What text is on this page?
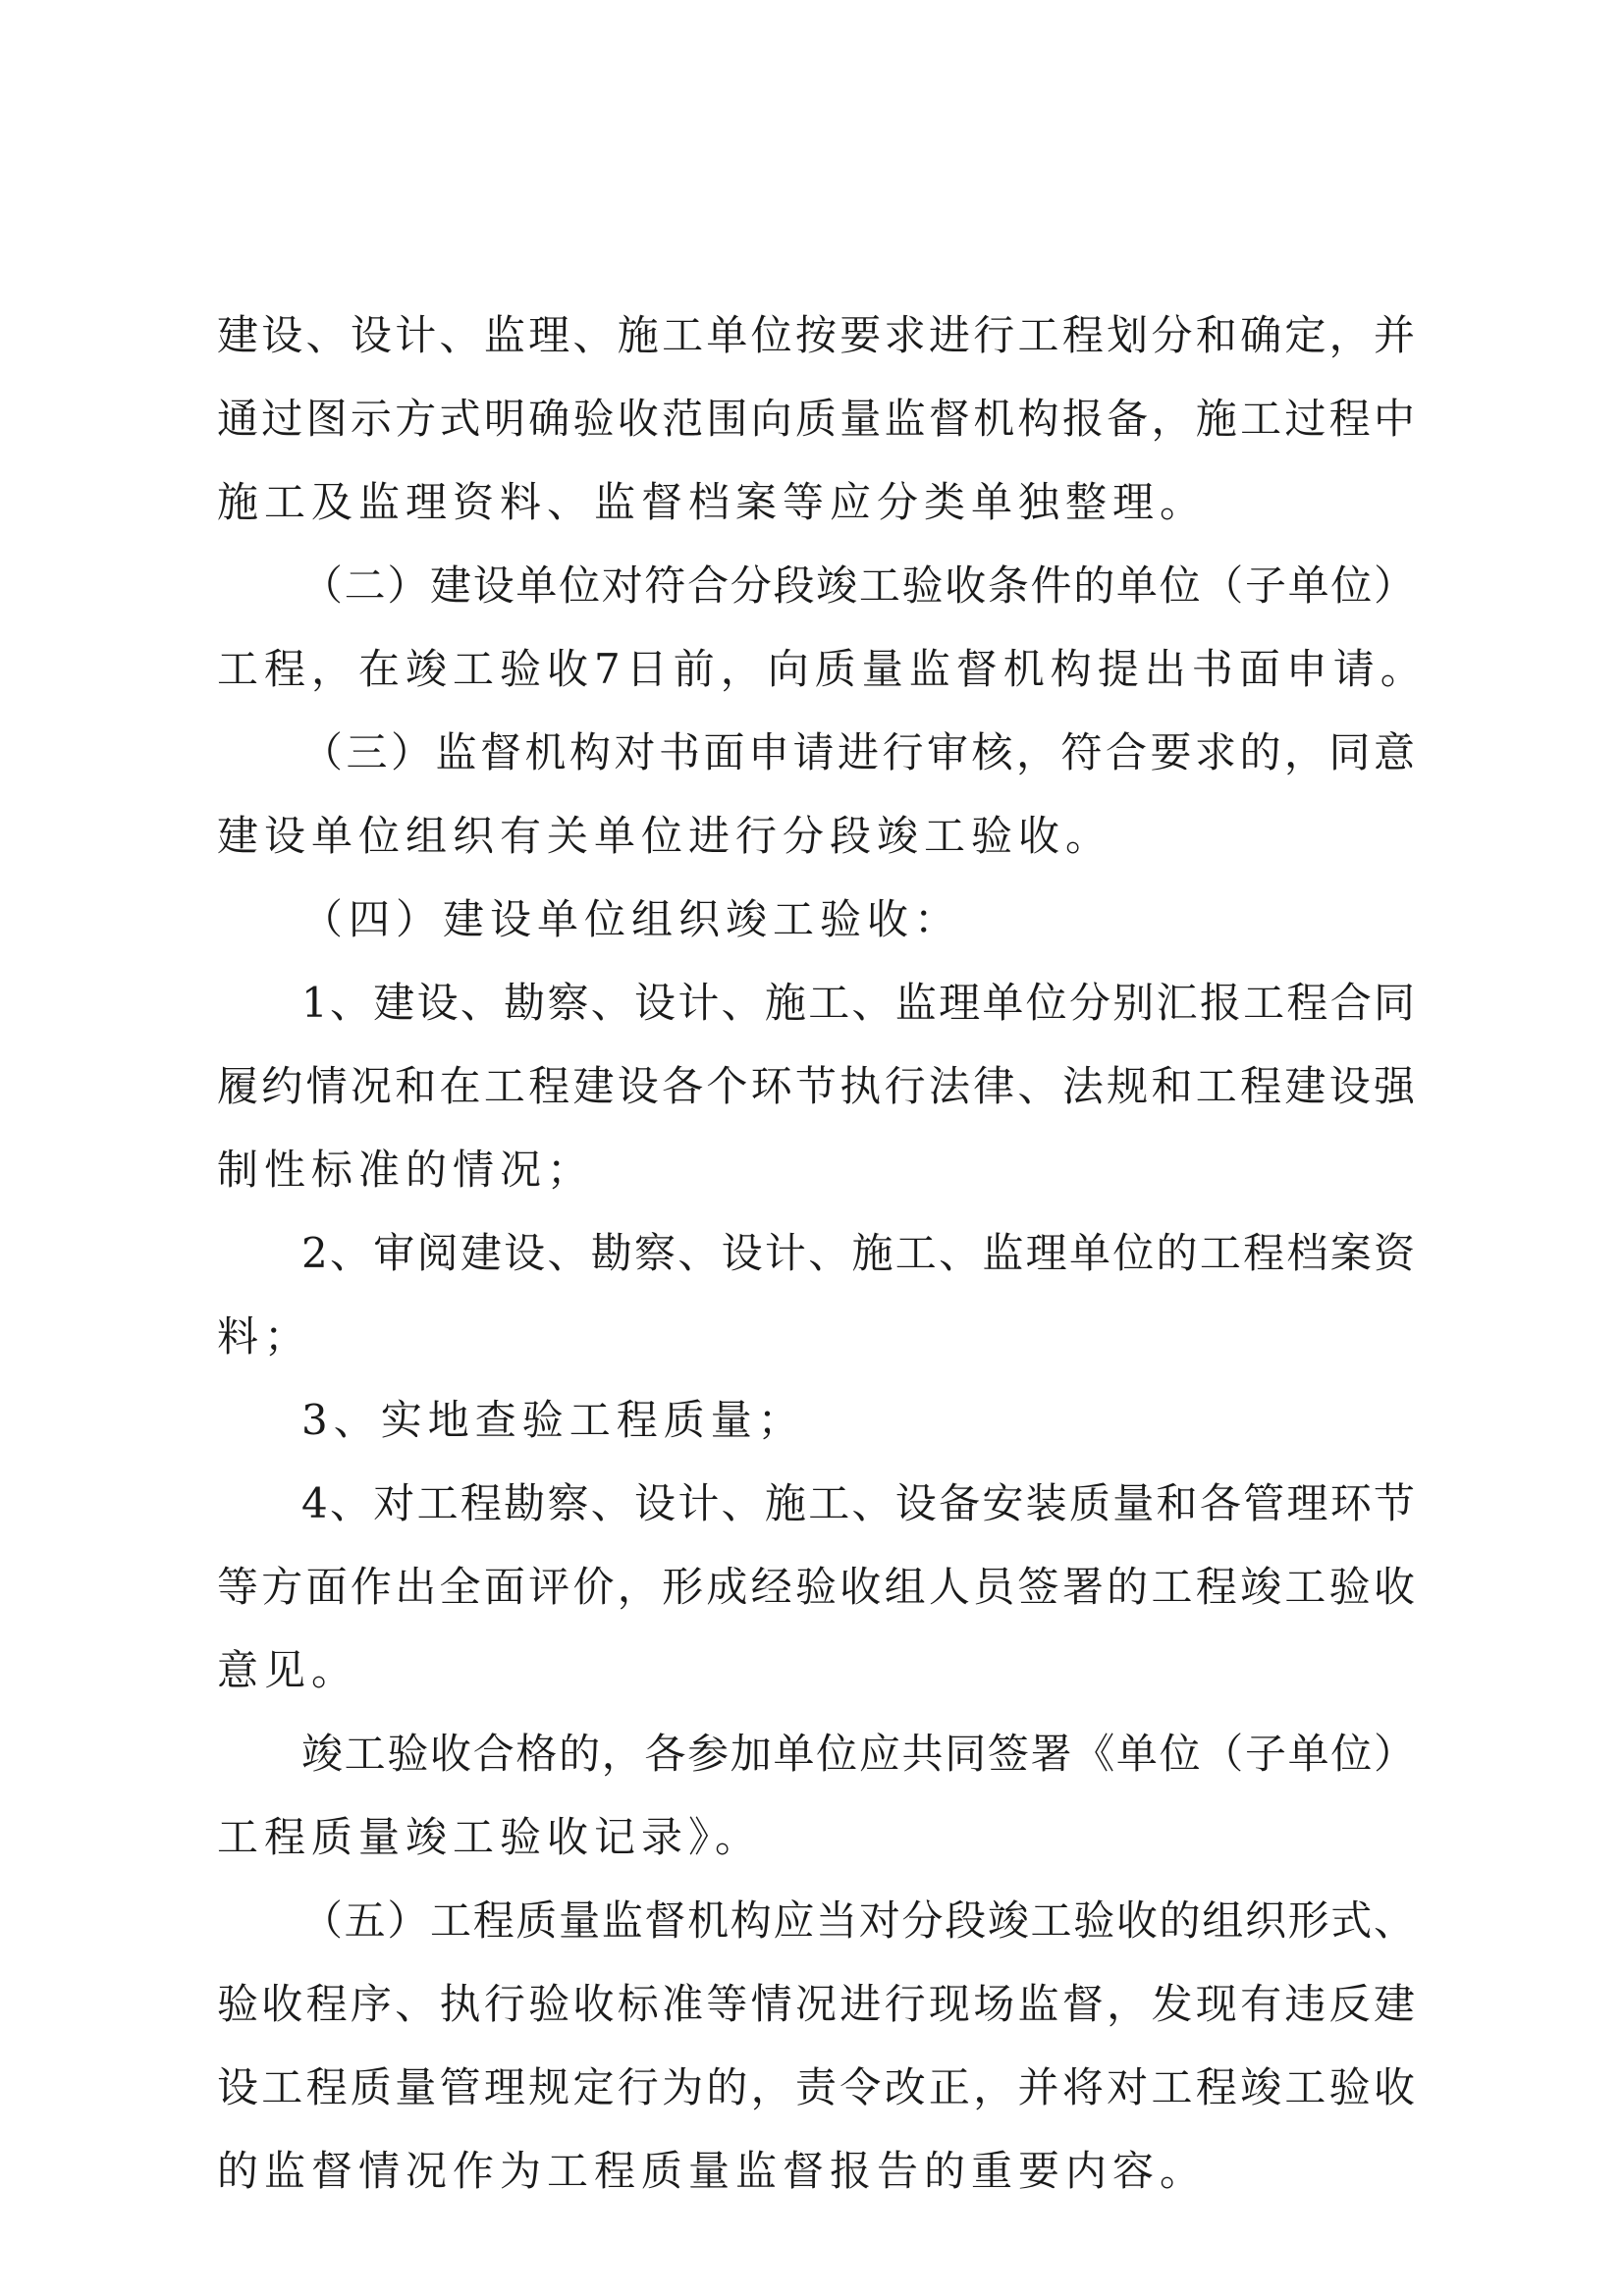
建设、设计、监理、施工单位按要求进行工程划分和确定，并

通过图示方式明确验收范围向质量监督机构报备，施工过程中

施工及监理资料、监督档案等应分类单独整理。

（二）建设单位对符合分段竣工验收条件的单位（子单位）

工程，在竣工验收7日前，向质量监督机构提出书面申请。

（三）监督机构对书面申请进行审核，符合要求的，同意

建设单位组织有关单位进行分段竣工验收。

（四）建设单位组织竣工验收：

1、建设、勘察、设计、施工、监理单位分别汇报工程合同

履约情况和在工程建设各个环节执行法律、法规和工程建设强

制性标准的情况；

2、审阅建设、勘察、设计、施工、监理单位的工程档案资

料；

3、实地查验工程质量；

4、对工程勘察、设计、施工、设备安装质量和各管理环节

等方面作出全面评价，形成经验收组人员签署的工程竣工验收

意见。

竣工验收合格的，各参加单位应共同签署《单位（子单位）

工程质量竣工验收记录》。

（五）工程质量监督机构应当对分段竣工验收的组织形式、

验收程序、执行验收标准等情况进行现场监督，发现有违反建

设工程质量管理规定行为的，责令改正，并将对工程竣工验收

的监督情况作为工程质量监督报告的重要内容。
